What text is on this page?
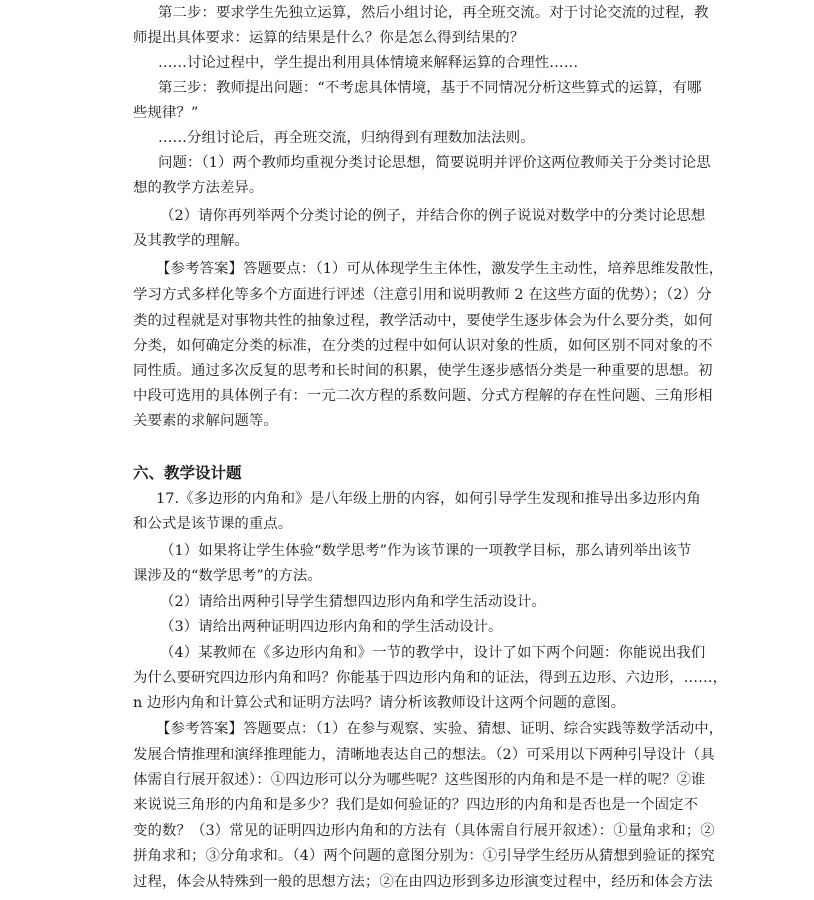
第二步：要求学生先独立运算，然后小组讨论，再全班交流。对于讨论交流的过程，教
师提出具体要求：运算的结果是什么？你是怎么得到结果的？
……讨论过程中，学生提出利用具体情境来解释运算的合理性……
第三步：教师提出问题：“不考虑具体情境，基于不同情况分析这些算式的运算，有哪
些规律？”
……分组讨论后，再全班交流，归纳得到有理数加法法则。
问题：（1）两个教师均重视分类讨论思想，简要说明并评价这两位教师关于分类讨论思
想的教学方法差异。
（2）请你再列举两个分类讨论的例子，并结合你的例子说说对数学中的分类讨论思想
及其教学的理解。
【参考答案】答题要点：（1）可从体现学生主体性，激发学生主动性，培养思维发散性，
学习方式多样化等多个方面进行评述（注意引用和说明教师 2 在这些方面的优势）；（2）分
类的过程就是对事物共性的抽象过程，教学活动中，要使学生逐步体会为什么要分类，如何
分类，如何确定分类的标准，在分类的过程中如何认识对象的性质，如何区别不同对象的不
同性质。通过多次反复的思考和长时间的积累，使学生逐步感悟分类是一种重要的思想。初
中段可选用的具体例子有：一元二次方程的系数问题、分式方程解的存在性问题、三角形相
关要素的求解问题等。
六、教学设计题
17.《多边形的内角和》是八年级上册的内容，如何引导学生发现和推导出多边形内角
和公式是该节课的重点。
（1）如果将让学生体验“数学思考”作为该节课的一项教学目标，那么请列举出该节
课涉及的“数学思考”的方法。
（2）请给出两种引导学生猜想四边形内角和学生活动设计。
（3）请给出两种证明四边形内角和的学生活动设计。
（4）某教师在《多边形内角和》一节的教学中，设计了如下两个问题：你能说出我们
为什么要研究四边形内角和吗？你能基于四边形内角和的证法，得到五边形、六边形，……，
n 边形内角和计算公式和证明方法吗？请分析该教师设计这两个问题的意图。
【参考答案】答题要点：（1）在参与观察、实验、猜想、证明、综合实践等数学活动中，
发展合情推理和演绎推理能力，清晰地表达自己的想法。（2）可采用以下两种引导设计（具
体需自行展开叙述）：①四边形可以分为哪些呢？这些图形的内角和是不是一样的呢？②谁
来说说三角形的内角和是多少？我们是如何验证的？四边形的内角和是否也是一个固定不
变的数？（3）常见的证明四边形内角和的方法有（具体需自行展开叙述）：①量角求和；②
拼角求和；③分角求和。（4）两个问题的意图分别为：①引导学生经历从猜想到验证的探究
过程，体会从特殊到一般的思想方法；②在由四边形到多边形演变过程中，经历和体会方法
